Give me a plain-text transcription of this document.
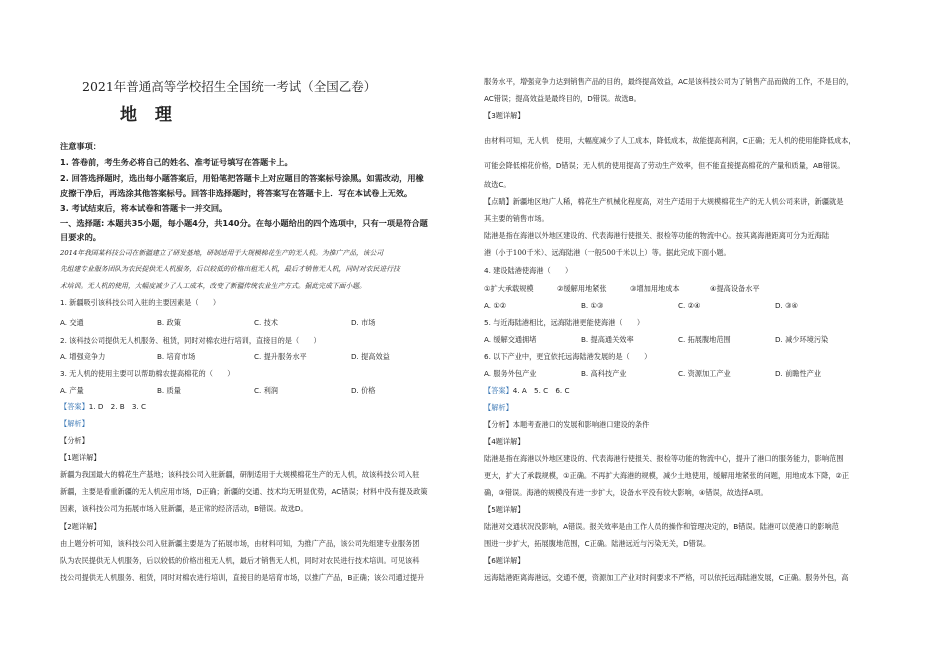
2021年普通高等学校招生全国统一考试（全国乙卷）
地 理
注意事项：
1. 答卷前，考生务必将自己的姓名、准考证号填写在答题卡上。
2. 回答选择题时，选出每小题答案后，用铅笔把答题卡上对应题目的答案标号涂黑。如需改动，用橡
皮擦干净后，再选涂其他答案标号。回答非选择题时，将答案写在答题卡上．写在本试卷上无效。
3. 考试结束后，将本试卷和答题卡一并交回。
一、选择题: 本题共35小题，每小题4分，共140分。在每小题给出的四个选项中，只有一项是符合题
目要求的。
2014年我国某科技公司在新疆建立了研发基地，研制适用于大规模棉花生产的无人机。为推广产品，该公司
先组建专业服务团队为农民提供无人机服务，后以较低的价格出租无人机，最后才销售无人机，同时对农民进行技
术培训。无人机的使用，大幅度减少了人工成本，改变了新疆传统农业生产方式。据此完成下面小题。
1. 新疆吸引该科技公司入驻的主要因素是（　　）
A. 交通	B. 政策	C. 技术	D. 市场
2. 该科技公司提供无人机服务、租赁，同时对棉农进行培训，直接目的是（　　）
A. 增强竞争力	B. 培育市场	C. 提升服务水平	D. 提高效益
3. 无人机的使用主要可以帮助棉农提高棉花的（　　）
A. 产量	B. 质量	C. 利润	D. 价格
【答案】1. D　2. B　3. C
【解析】
【分析】
【1题详解】
新疆为我国最大的棉花生产基地；该科技公司入驻新疆，研制适用于大规模棉花生产的无人机，故该科技公司入驻
新疆，主要是看重新疆的无人机应用市场，D正确；新疆的交通、技术均无明显优势，AC错误；材料中没有提及政策
因素，该科技公司为拓展市场入驻新疆，是正常的经济活动，B错误。故选D。
【2题详解】
由上题分析可知，该科技公司入驻新疆主要是为了拓展市场，由材料可知，为推广产品，该公司先组建专业服务团
队为农民提供无人机服务，后以较低的价格出租无人机，最后才销售无人机，同时对农民进行技术培训。可见该科
技公司提供无人机服务、租赁，同时对棉农进行培训，直接目的是培育市场，以推广产品，B正确；该公司通过提升
服务水平，增强竞争力达到销售产品的目的，最终提高效益，AC是该科技公司为了销售产品而做的工作，不是目的，
AC错误；提高效益是最终目的，D错误。故选B。
【3题详解】
由材料可知，无人机　使用，大幅度减少了人工成本，降低成本，故能提高利润，C正确；无人机的使用能降低成本，
可能会降低棉花价格，D错误；无人机的使用提高了劳动生产效率，但不能直接提高棉花的产量和质量，AB错误。
故选C。
【点睛】新疆地区地广人稀，棉花生产机械化程度高，对生产适用于大规模棉花生产的无人机公司来讲，新疆就是
其主要的销售市场。
陆港是指在海港以外地区建设的、代表海港行使报关、报检等功能的物流中心。按其离海港距离可分为近海陆
港（小于100千米）、远海陆港（一般500千米以上）等。据此完成下面小题。
4. 建设陆港使海港（　　）
①扩大承载规模	②缓解用地紧张	③增加用地成本	④提高设备水平
A. ①②	B. ①③	C. ②④	D. ③④
5. 与近海陆港相比，远海陆港更能使海港（　　）
A. 缓解交通拥堵	B. 提高通关效率	C. 拓展腹地范围	D. 减少环境污染
6. 以下产业中，更宜依托远海陆港发展的是（　　）
A. 服务外包产业	B. 高科技产业	C. 资源加工产业	D. 前瞻性产业
【答案】4. A　5. C　6. C
【解析】
【分析】本题考查港口的发展和影响港口建设的条件
【4题详解】
陆港是指在海港以外地区建设的、代表海港行使报关、报检等功能的物流中心，提升了港口的服务能力，影响范围
更大，扩大了承载规模，①正确。不再扩大海港的规模，减少土地使用，缓解用地紧张的问题，用地成本下降，②正
确，③错误。海港的规模没有进一步扩大，设备水平没有较大影响，④错误，故选择A项。
【5题详解】
陆港对交通状况没影响，A错误。报关效率是由工作人员的操作和管理决定的，B错误。陆港可以使港口的影响范
围进一步扩大，拓展腹地范围，C正确。陆港远近与污染无关，D错误。
【6题详解】
远海陆港距离海港远，交通不便，资源加工产业对时间要求不严格，可以依托远海陆港发展，C正确。服务外包，高
